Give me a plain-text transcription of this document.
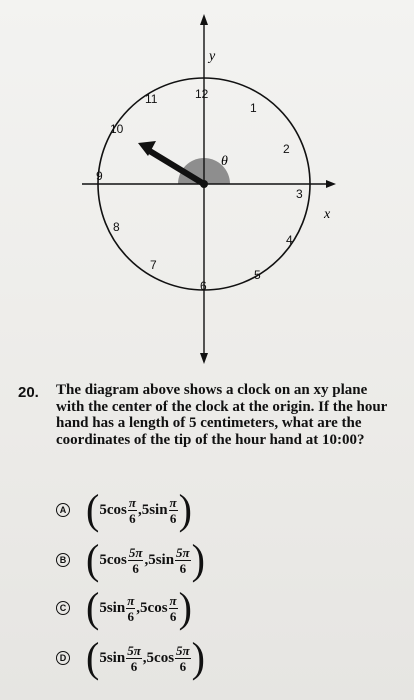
y
x
θ
12
1
2
3
4
5
6
7
8
9
10
11
20. The diagram above shows a clock on an xy plane with the center of the clock at the origin. If the hour hand has a length of 5 centimeters, what are the coordinates of the tip of the hour hand at 10:00?
A ( $5\cos \frac{\pi}{6}$ , $5\sin \frac{\pi}{6}$ )
B ( $5\cos \frac{5\pi}{6}$ , $5\sin \frac{5\pi}{6}$ )
C ( $5\sin \frac{\pi}{6}$ , $5\cos \frac{\pi}{6}$ )
D ( $5\sin \frac{5\pi}{6}$ , $5\cos \frac{5\pi}{6}$ )
